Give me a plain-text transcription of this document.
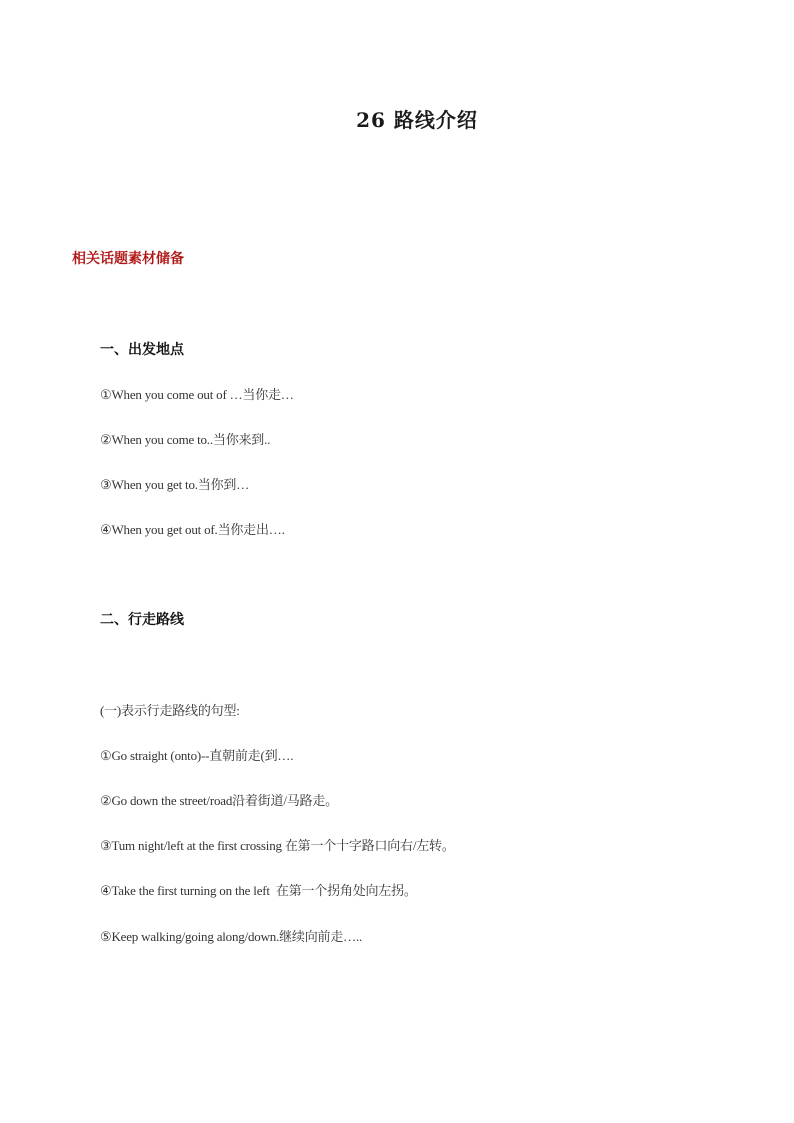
26 路线介绍
相关话题素材储备
一、出发地点
①When you come out of …当你走…
②When you come to..当你来到..
③When you get to.当你到…
④When you get out of.当你走出….
二、行走路线
(一)表示行走路线的句型:
①Go straight (onto)--直朝前走(到….
②Go down the street/road沿着街道/马路走。
③Tum night/left at the first crossing 在第一个十字路口向右/左转。
④Take the first turning on the left  在第一个拐角处向左拐。
⑤Keep walking/going along/down.继续向前走…..
